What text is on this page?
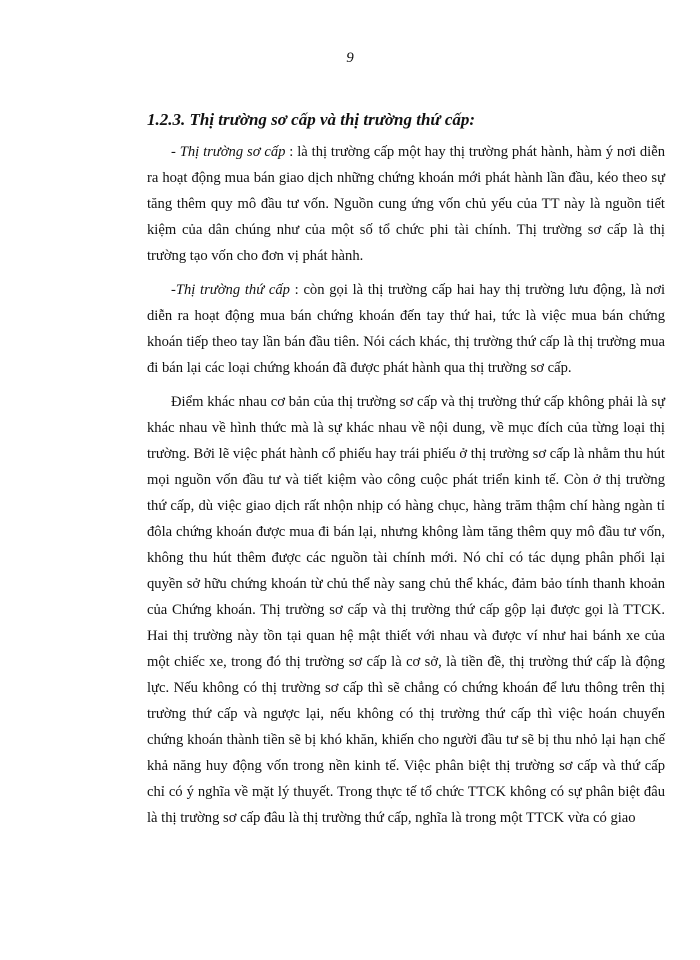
9
1.2.3. Thị trường sơ cấp và thị trường thứ cấp:

- Thị trường sơ cấp : là thị trường cấp một hay thị trường phát hành, hàm ý nơi diễn ra hoạt động mua bán giao dịch những chứng khoán mới phát hành lần đầu, kéo theo sự tăng thêm quy mô đầu tư vốn. Nguồn cung ứng vốn chủ yếu của TT này là nguồn tiết kiệm của dân chúng như của một số tổ chức phi tài chính. Thị trường sơ cấp là thị trường tạo vốn cho đơn vị phát hành.

-Thị trường thứ cấp : còn gọi là thị trường cấp hai hay thị trường lưu động, là nơi diễn ra hoạt động mua bán chứng khoán đến tay thứ hai, tức là việc mua bán chứng khoán tiếp theo tay lần bán đầu tiên. Nói cách khác, thị trường thứ cấp là thị trường mua đi bán lại các loại chứng khoán đã được phát hành qua thị trường sơ cấp.

Điểm khác nhau cơ bản của thị trường sơ cấp và thị trường thứ cấp không phải là sự khác nhau về hình thức mà là sự khác nhau về nội dung, về mục đích của từng loại thị trường. Bởi lẽ việc phát hành cổ phiếu hay trái phiếu ở thị trường sơ cấp là nhằm thu hút mọi nguồn vốn đầu tư và tiết kiệm vào công cuộc phát triển kinh tế. Còn ở thị trường thứ cấp, dù việc giao dịch rất nhộn nhịp có hàng chục, hàng trăm thậm chí hàng ngàn tỉ đôla chứng khoán được mua đi bán lại, nhưng không làm tăng thêm quy mô đầu tư vốn, không thu hút thêm được các nguồn tài chính mới. Nó chỉ có tác dụng phân phối lại quyền sở hữu chứng khoán từ chủ thể này sang chủ thể khác, đảm bảo tính thanh khoản của Chứng khoán. Thị trường sơ cấp và thị trường thứ cấp gộp lại được gọi là TTCK. Hai thị trường này tồn tại quan hệ mật thiết với nhau và được ví như hai bánh xe của một chiếc xe, trong đó thị trường sơ cấp là cơ sở, là tiền đề, thị trường thứ cấp là động lực. Nếu không có thị trường sơ cấp thì sẽ chẳng có chứng khoán để lưu thông trên thị trường thứ cấp và ngược lại, nếu không có thị trường thứ cấp thì việc hoán chuyển chứng khoán thành tiền sẽ bị khó khăn, khiến cho người đầu tư sẽ bị thu nhỏ lại hạn chế khả năng huy động vốn trong nền kinh tế. Việc phân biệt thị trường sơ cấp và thứ cấp chỉ có ý nghĩa về mặt lý thuyết. Trong thực tế tổ chức TTCK không có sự phân biệt đâu là thị trường sơ cấp đâu là thị trường thứ cấp, nghĩa là trong một TTCK vừa có giao
